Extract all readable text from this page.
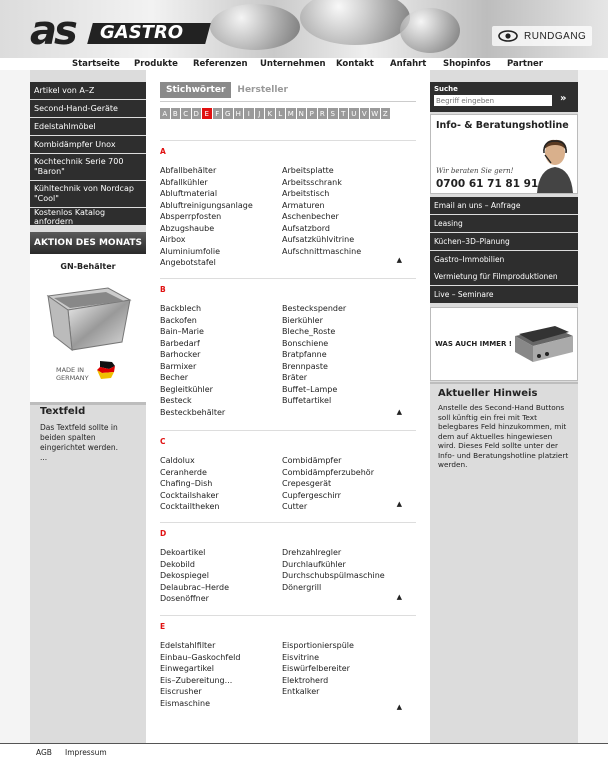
as GASTRO	RUNDGANG
Startseite Produkte Referenzen Unternehmen Kontakt Anfahrt Shopinfos Partner
Artikel von A–Z
Second-Hand-Geräte
Edelstahlmöbel
Kombidämpfer Unox
Kochtechnik Serie 700 "Baron"
Kühltechnik von Nordcap "Cool"
Kostenlos Katalog anfordern
AKTION DES MONATS
GN-Behälter
MADE IN
GERMANY
Textfeld
Das Textfeld sollte in beiden spalten eingerichtet werden.
...
Stichwörter	Hersteller
A B C D E F G H I	J	K L M N P R S T U V W Z
A
Abfallbehälter
Abfallkühler
Abluftmaterial
Abluftreinigungsanlage
Absperrpfosten
Abzugshaube
Airbox
Aluminiumfolie
Angebotstafel
Arbeitsplatte
Arbeitsschrank
Arbeitstisch
Armaturen
Aschenbecher
Aufsatzbord
Aufsatzkühlvitrine
Aufschnittmaschine
▲
B
Backblech
Backofen
Bain–Marie
Barbedarf
Barhocker
Barmixer
Becher
Begleitkühler
Besteck
Besteckbehälter
Besteckspender
Bierkühler
Bleche_Roste
Bonschiene
Bratpfanne
Brennpaste
Bräter
Buffet–Lampe
Buffetartikel
▲
C
Caldolux
Ceranherde
Chafing–Dish
Cocktailshaker
Cocktailtheken
Combidämpfer
Combidämpferzubehör
Crepesgerät
Cupfergeschirr
Cutter	▲
D
Dekoartikel
Dekobild
Dekospiegel
Delaubrac–Herde
Dosenöffner
Drehzahlregler
Durchlaufkühler
Durchschubspülmaschine
Dönergrill
▲
E
Edelstahlfilter
Einbau–Gaskochfeld
Einwegartikel
Eis–Zubereitung...
Eiscrusher
Eismaschine
Eisportionierspüle
Eisvitrine
Eiswürfelbereiter
Elektroherd
Entkalker
▲
Suche
Begriff eingeben
»
Info- & Beratungshotline
Wir beraten Sie gern!
0700 61 71 81 91
Email an uns – Anfrage
Leasing
Küchen–3D–Planung
Gastro–Immobilien
Vermietung für Filmproduktionen
Live – Seminare
WAS AUCH IMMER !
Aktueller Hinweis
Anstelle des Second-Hand Buttons soll künftig ein frei mit Text belegbares Feld hinzukommen, mit dem auf Aktuelles hingewiesen wird. Dieses Feld sollte unter der Info- und Beratungshotline platziert werden.
AGB Impressum
